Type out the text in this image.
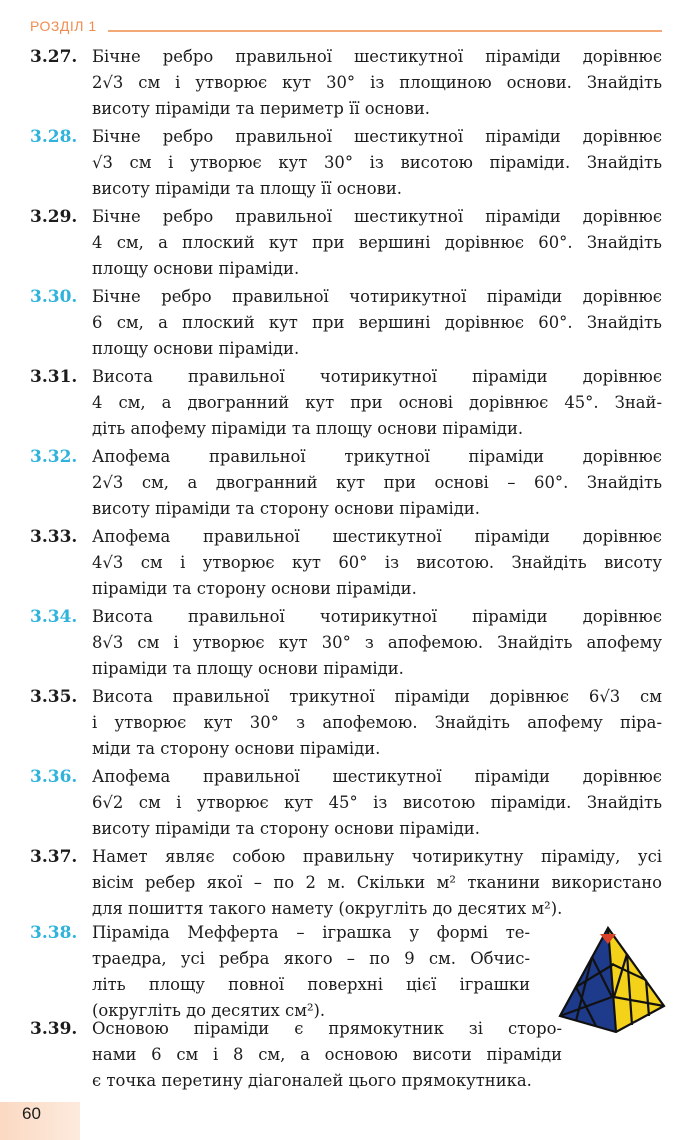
РОЗДІЛ 1
3.27. Бічне ребро правильної шестикутної піраміди дорівнює
2√3 см і утворює кут 30° із площиною основи. Знайдіть
висоту піраміди та периметр її основи.
3.28. Бічне ребро правильної шестикутної піраміди дорівнює
√3 см і утворює кут 30° із висотою піраміди. Знайдіть
висоту піраміди та площу її основи.
3.29. Бічне ребро правильної шестикутної піраміди дорівнює
4 см, а плоский кут при вершині дорівнює 60°. Знайдіть
площу основи піраміди.
3.30. Бічне ребро правильної чотирикутної піраміди дорівнює
6 см, а плоский кут при вершині дорівнює 60°. Знайдіть
площу основи піраміди.
3.31. Висота правильної чотирикутної піраміди дорівнює
4 см, а двогранний кут при основі дорівнює 45°. Знай-
діть апофему піраміди та площу основи піраміди.
3.32. Апофема правильної трикутної піраміди дорівнює
2√3 см, а двогранний кут при основі – 60°. Знайдіть
висоту піраміди та сторону основи піраміди.
3.33. Апофема правильної шестикутної піраміди дорівнює
4√3 см і утворює кут 60° із висотою. Знайдіть висоту
піраміди та сторону основи піраміди.
3.34. Висота правильної чотирикутної піраміди дорівнює
8√3 см і утворює кут 30° з апофемою. Знайдіть апофему
піраміди та площу основи піраміди.
3.35. Висота правильної трикутної піраміди дорівнює 6√3 см
і утворює кут 30° з апофемою. Знайдіть апофему піра-
міди та сторону основи піраміди.
3.36. Апофема правильної шестикутної піраміди дорівнює
6√2 см і утворює кут 45° із висотою піраміди. Знайдіть
висоту піраміди та сторону основи піраміди.
3.37. Намет являє собою правильну чотирикутну піраміду, усі
вісім ребер якої – по 2 м. Скільки м² тканини використано
для пошиття такого намету (округліть до десятих м²).
3.38. Піраміда Мефферта – іграшка у формі те-
траедра, усі ребра якого – по 9 см. Обчис-
літь площу повної поверхні цієї іграшки
(округліть до десятих см²).
3.39. Основою піраміди є прямокутник зі сторо-
нами 6 см і 8 см, а основою висоти піраміди
є точка перетину діагоналей цього прямокутника.
60
